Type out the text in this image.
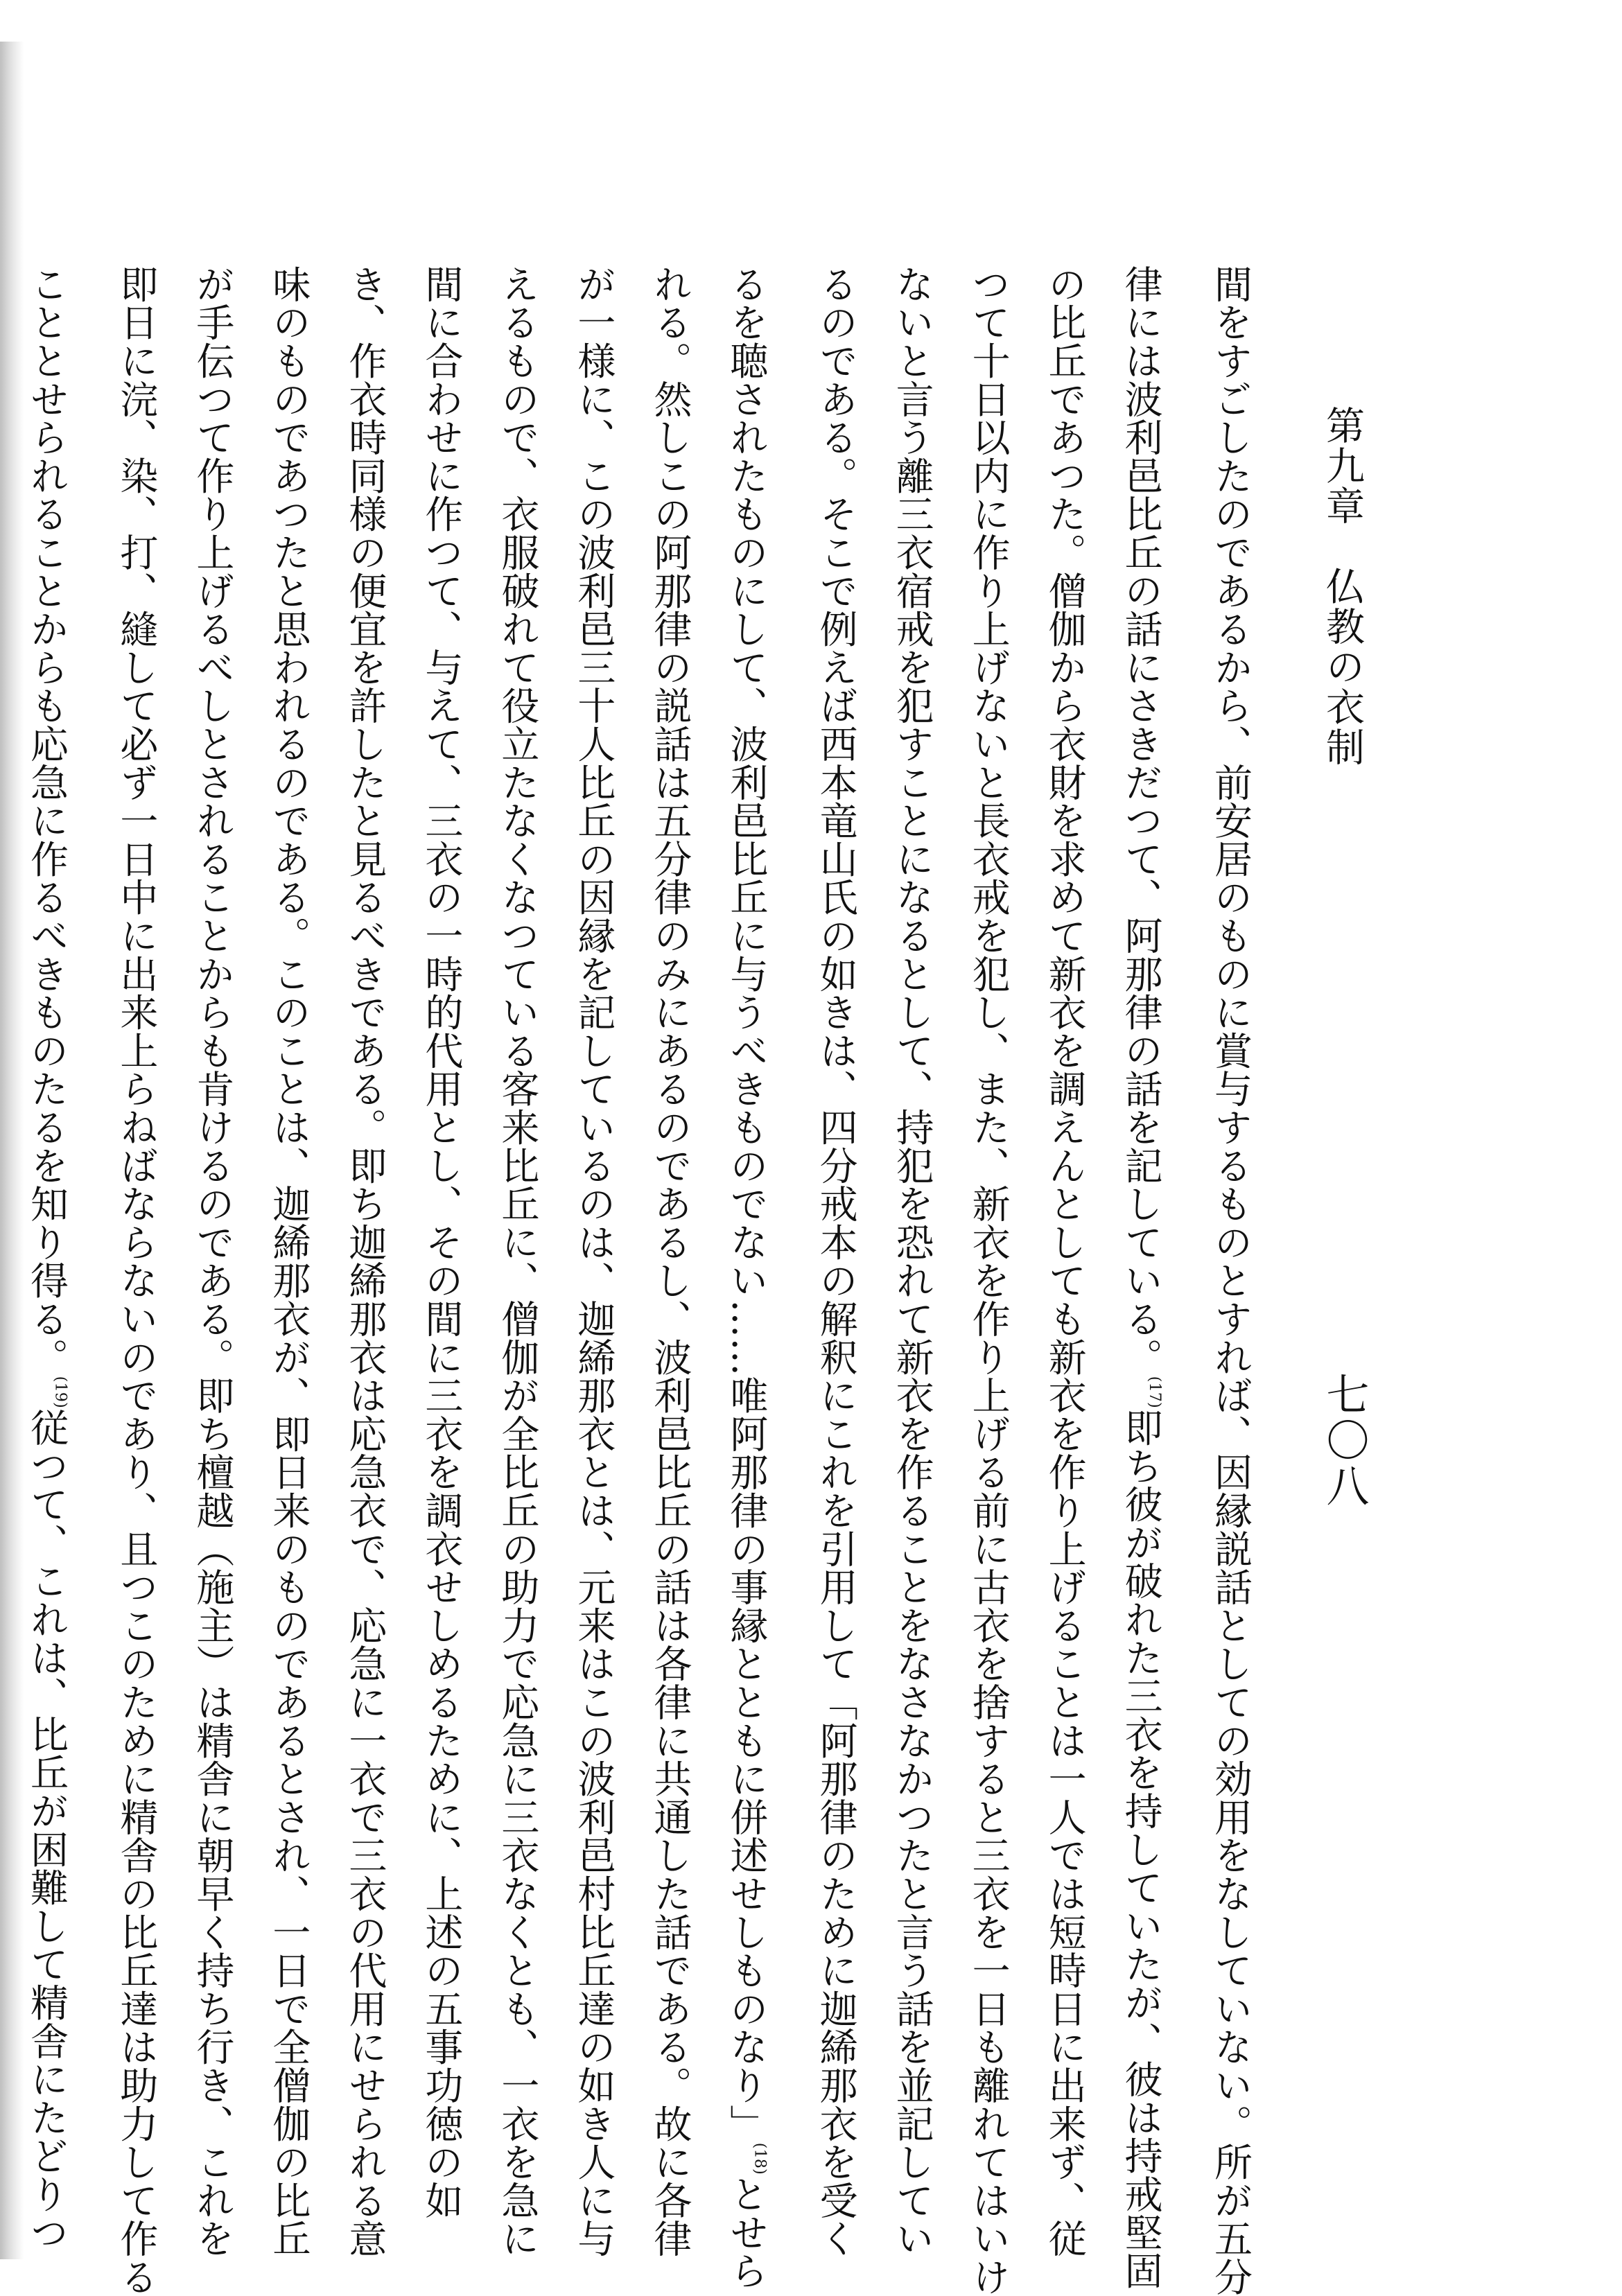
第九章　仏教の衣制
七〇八
間をすごしたのであるから、前安居のものに賞与するものとすれば、因縁説話としての効用をなしていない。所が五分
律には波利邑比丘の話にさきだつて、阿那律の話を記している。$^{(17)}$即ち彼が破れた三衣を持していたが、彼は持戒堅固
の比丘であつた。僧伽から衣財を求めて新衣を調えんとしても新衣を作り上げることは一人では短時日に出来ず、従
つて十日以内に作り上げないと長衣戒を犯し、また、新衣を作り上げる前に古衣を捨すると三衣を一日も離れてはいけ
ないと言う離三衣宿戒を犯すことになるとして、持犯を恐れて新衣を作ることをなさなかつたと言う話を並記してい
るのである。そこで例えば西本竜山氏の如きは、四分戒本の解釈にこれを引用して「阿那律のために迦絺那衣を受く
るを聴されたものにして、波利邑比丘に与うべきものでない……唯阿那律の事縁とともに併述せしものなり」$^{(18)}$とせら
れる。然しこの阿那律の説話は五分律のみにあるのであるし、波利邑比丘の話は各律に共通した話である。故に各律
が一様に、この波利邑三十人比丘の因縁を記しているのは、迦絺那衣とは、元来はこの波利邑村比丘達の如き人に与
えるもので、衣服破れて役立たなくなつている客来比丘に、僧伽が全比丘の助力で応急に三衣なくとも、一衣を急に
間に合わせに作つて、与えて、三衣の一時的代用とし、その間に三衣を調衣せしめるために、上述の五事功徳の如
き、作衣時同様の便宜を許したと見るべきである。即ち迦絺那衣は応急衣で、応急に一衣で三衣の代用にせられる意
味のものであつたと思われるのである。このことは、迦絺那衣が、即日来のものであるとされ、一日で全僧伽の比丘
が手伝つて作り上げるべしとされることからも肯けるのである。即ち檀越（施主）は精舎に朝早く持ち行き、これを
即日に浣、染、打、縫して必ず一日中に出来上らねばならないのであり、且つこのために精舎の比丘達は助力して作る
こととせられることからも応急に作るべきものたるを知り得る。$^{(19)}$従つて、これは、比丘が困難して精舎にたどりつ
